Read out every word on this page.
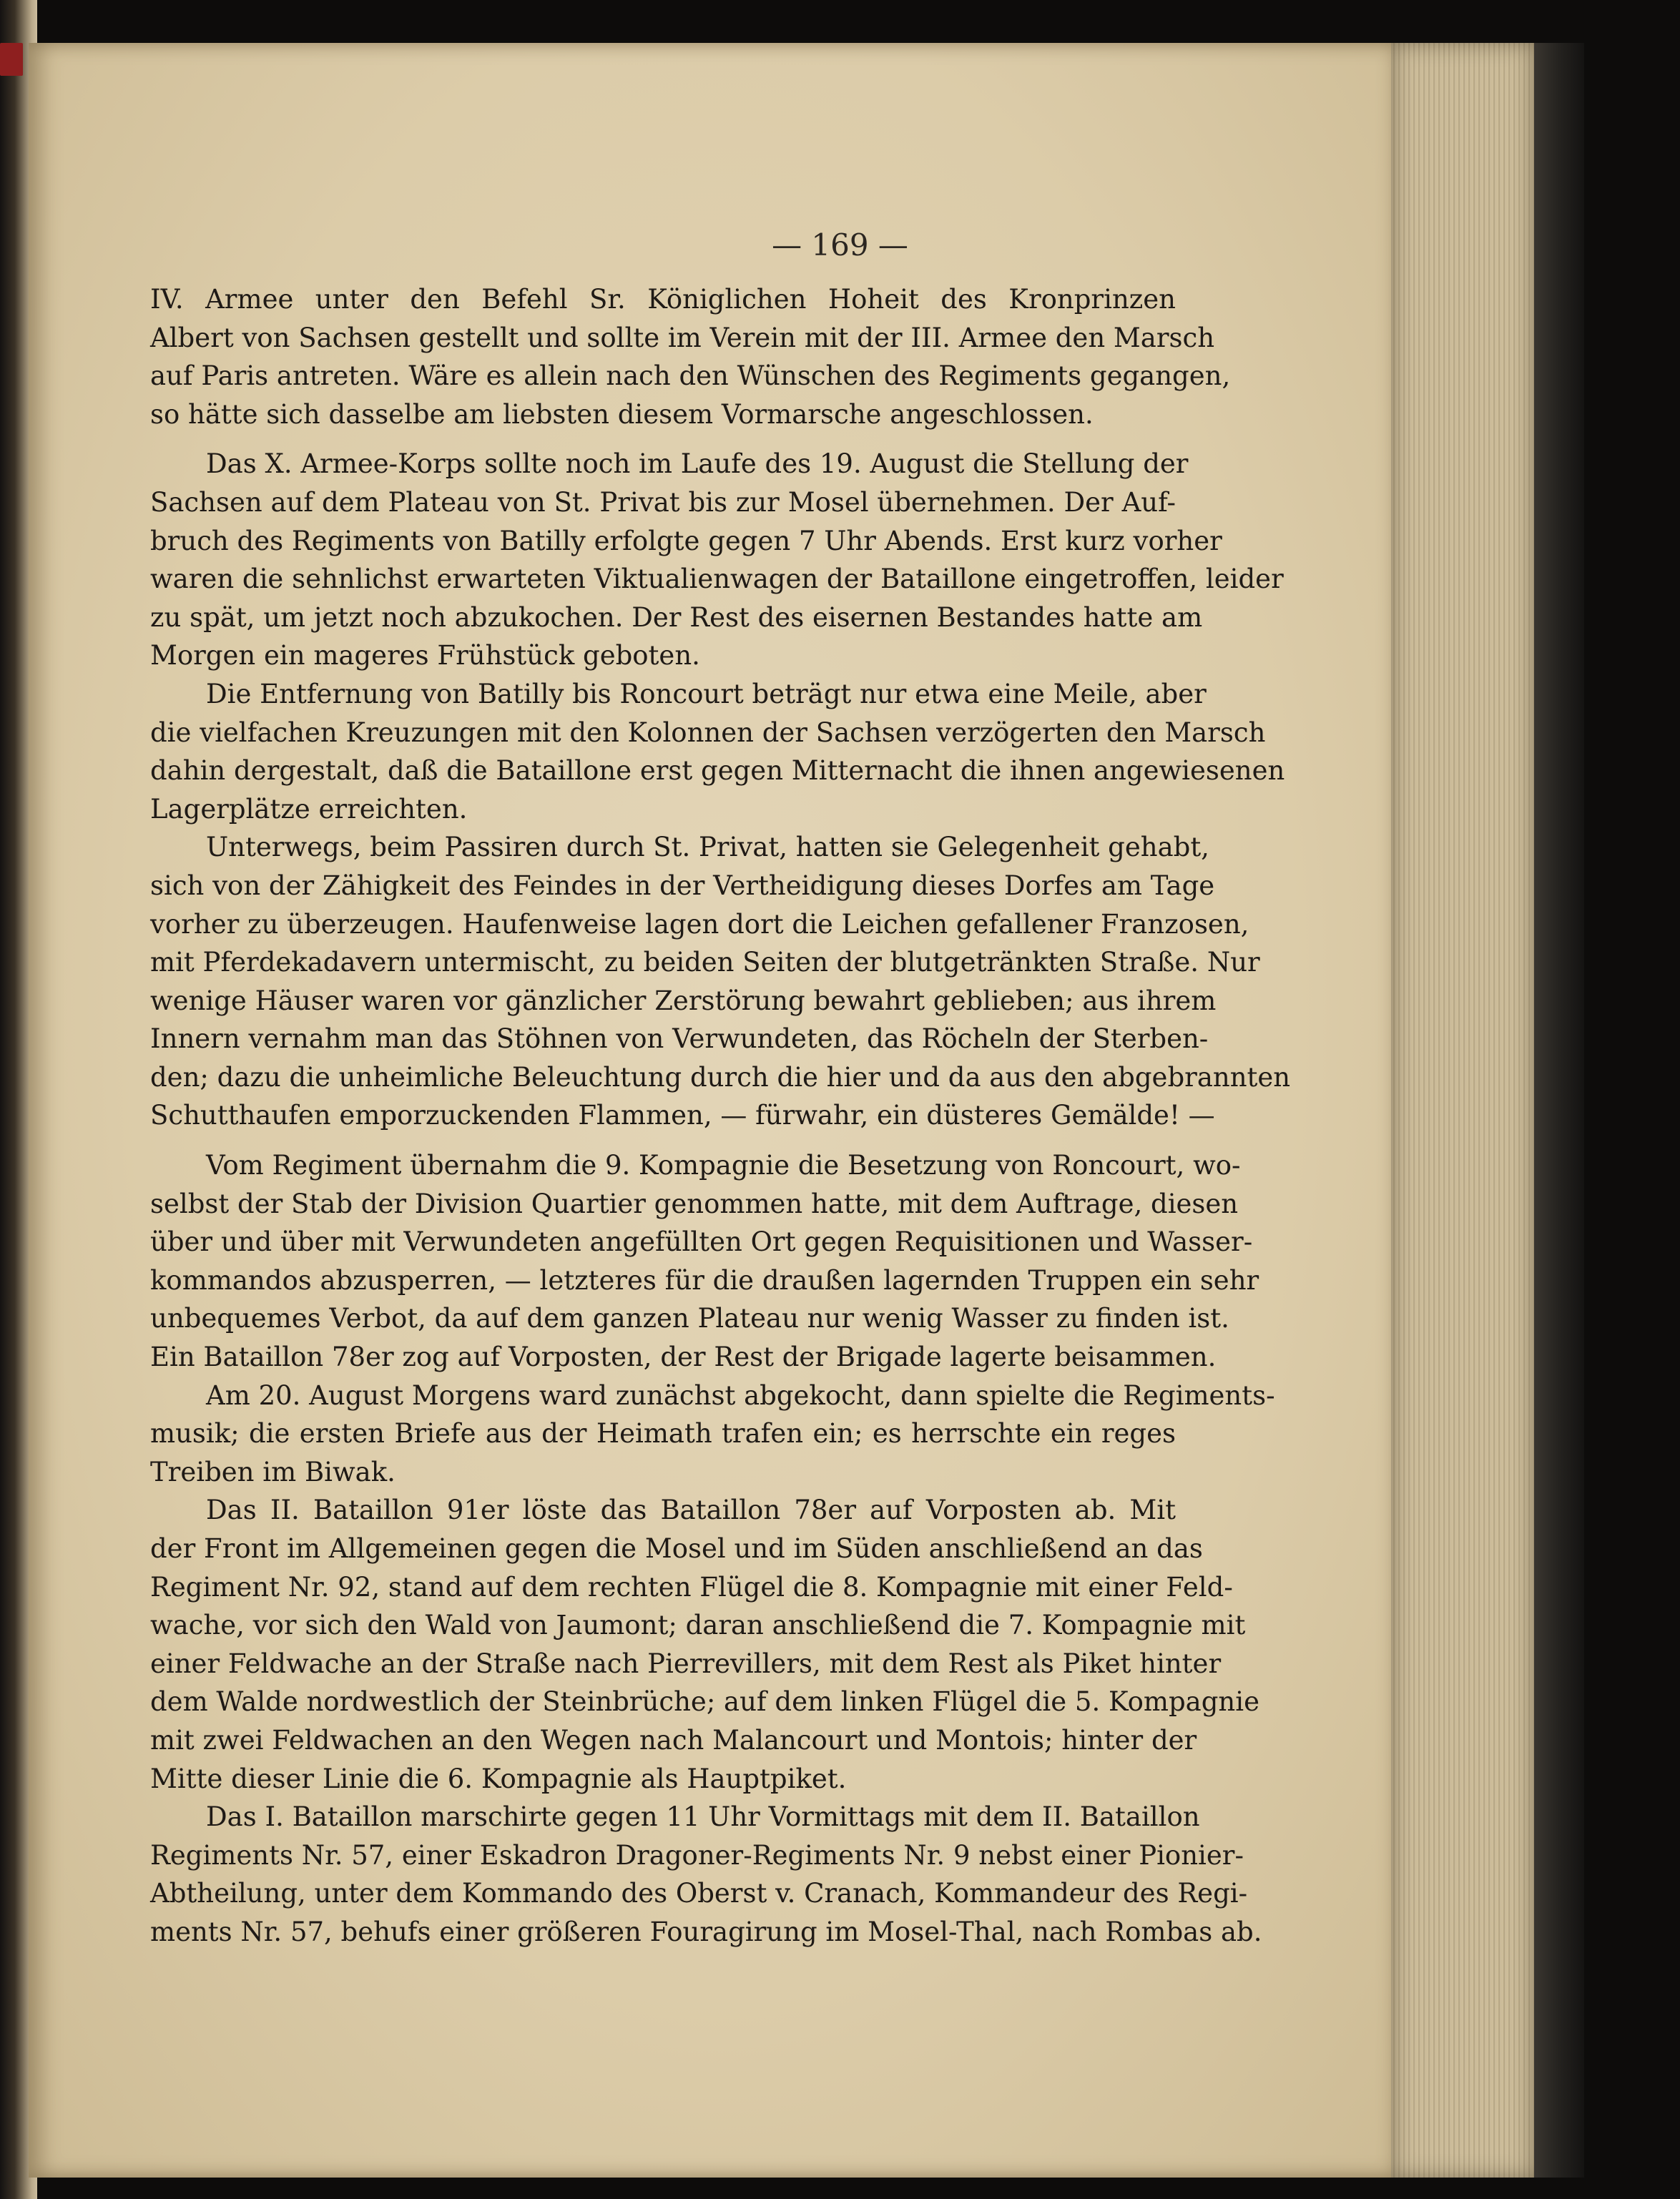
— 169 —
IV. Armee unter den Befehl Sr. Königlichen Hoheit des Kronprinzen
Albert von Sachsen gestellt und sollte im Verein mit der III. Armee den Marsch
auf Paris antreten. Wäre es allein nach den Wünschen des Regiments gegangen,
so hätte sich dasselbe am liebsten diesem Vormarsche angeschlossen.
Das X. Armee-Korps sollte noch im Laufe des 19. August die Stellung der
Sachsen auf dem Plateau von St. Privat bis zur Mosel übernehmen. Der Auf-
bruch des Regiments von Batilly erfolgte gegen 7 Uhr Abends. Erst kurz vorher
waren die sehnlichst erwarteten Viktualienwagen der Bataillone eingetroffen, leider
zu spät, um jetzt noch abzukochen. Der Rest des eisernen Bestandes hatte am
Morgen ein mageres Frühstück geboten.
Die Entfernung von Batilly bis Roncourt beträgt nur etwa eine Meile, aber
die vielfachen Kreuzungen mit den Kolonnen der Sachsen verzögerten den Marsch
dahin dergestalt, daß die Bataillone erst gegen Mitternacht die ihnen angewiesenen
Lagerplätze erreichten.
Unterwegs, beim Passiren durch St. Privat, hatten sie Gelegenheit gehabt,
sich von der Zähigkeit des Feindes in der Vertheidigung dieses Dorfes am Tage
vorher zu überzeugen. Haufenweise lagen dort die Leichen gefallener Franzosen,
mit Pferdekadavern untermischt, zu beiden Seiten der blutgetränkten Straße. Nur
wenige Häuser waren vor gänzlicher Zerstörung bewahrt geblieben; aus ihrem
Innern vernahm man das Stöhnen von Verwundeten, das Röcheln der Sterben-
den; dazu die unheimliche Beleuchtung durch die hier und da aus den abgebrannten
Schutthaufen emporzuckenden Flammen, — fürwahr, ein düsteres Gemälde! —
Vom Regiment übernahm die 9. Kompagnie die Besetzung von Roncourt, wo-
selbst der Stab der Division Quartier genommen hatte, mit dem Auftrage, diesen
über und über mit Verwundeten angefüllten Ort gegen Requisitionen und Wasser-
kommandos abzusperren, — letzteres für die draußen lagernden Truppen ein sehr
unbequemes Verbot, da auf dem ganzen Plateau nur wenig Wasser zu finden ist.
Ein Bataillon 78er zog auf Vorposten, der Rest der Brigade lagerte beisammen.
Am 20. August Morgens ward zunächst abgekocht, dann spielte die Regiments-
musik; die ersten Briefe aus der Heimath trafen ein; es herrschte ein reges
Treiben im Biwak.
Das II. Bataillon 91er löste das Bataillon 78er auf Vorposten ab. Mit
der Front im Allgemeinen gegen die Mosel und im Süden anschließend an das
Regiment Nr. 92, stand auf dem rechten Flügel die 8. Kompagnie mit einer Feld-
wache, vor sich den Wald von Jaumont; daran anschließend die 7. Kompagnie mit
einer Feldwache an der Straße nach Pierrevillers, mit dem Rest als Piket hinter
dem Walde nordwestlich der Steinbrüche; auf dem linken Flügel die 5. Kompagnie
mit zwei Feldwachen an den Wegen nach Malancourt und Montois; hinter der
Mitte dieser Linie die 6. Kompagnie als Hauptpiket.
Das I. Bataillon marschirte gegen 11 Uhr Vormittags mit dem II. Bataillon
Regiments Nr. 57, einer Eskadron Dragoner-Regiments Nr. 9 nebst einer Pionier-
Abtheilung, unter dem Kommando des Oberst v. Cranach, Kommandeur des Regi-
ments Nr. 57, behufs einer größeren Fouragirung im Mosel-Thal, nach Rombas ab.
